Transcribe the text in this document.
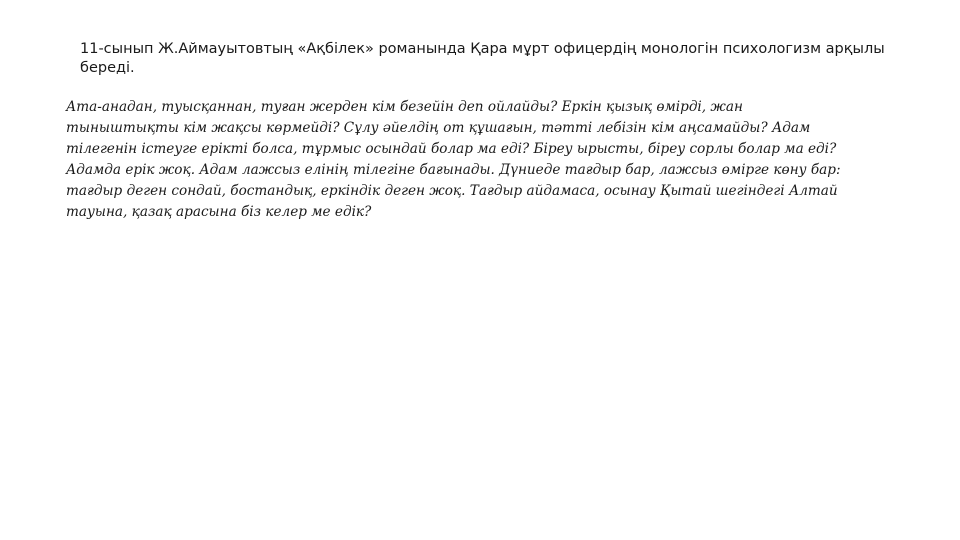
11-сынып Ж.Аймауытовтың «Ақбілек» романында Қара мұрт офицердің монологін психологизм арқылы
береді.

Ата-анадан, туысқаннан, туған жерден кім безейін деп ойлайды? Еркін қызық өмірді, жан
тыныштықты кім жақсы көрмейді? Сұлу әйелдің от құшағын, тәтті лебізін кім аңсамайды? Адам
тілегенін істеуге ерікті болса, тұрмыс осындай болар ма еді? Біреу ырысты, біреу сорлы болар ма еді?
Адамда ерік жоқ. Адам лажсыз елінің тілегіне бағынады. Дүниеде тағдыр бар, лажсыз өмірге көну бар:
тағдыр деген сондай, бостандық, еркіндік деген жоқ. Тағдыр айдамаса, осынау Қытай шегіндегі Алтай
тауына, қазақ арасына біз келер ме едік?
